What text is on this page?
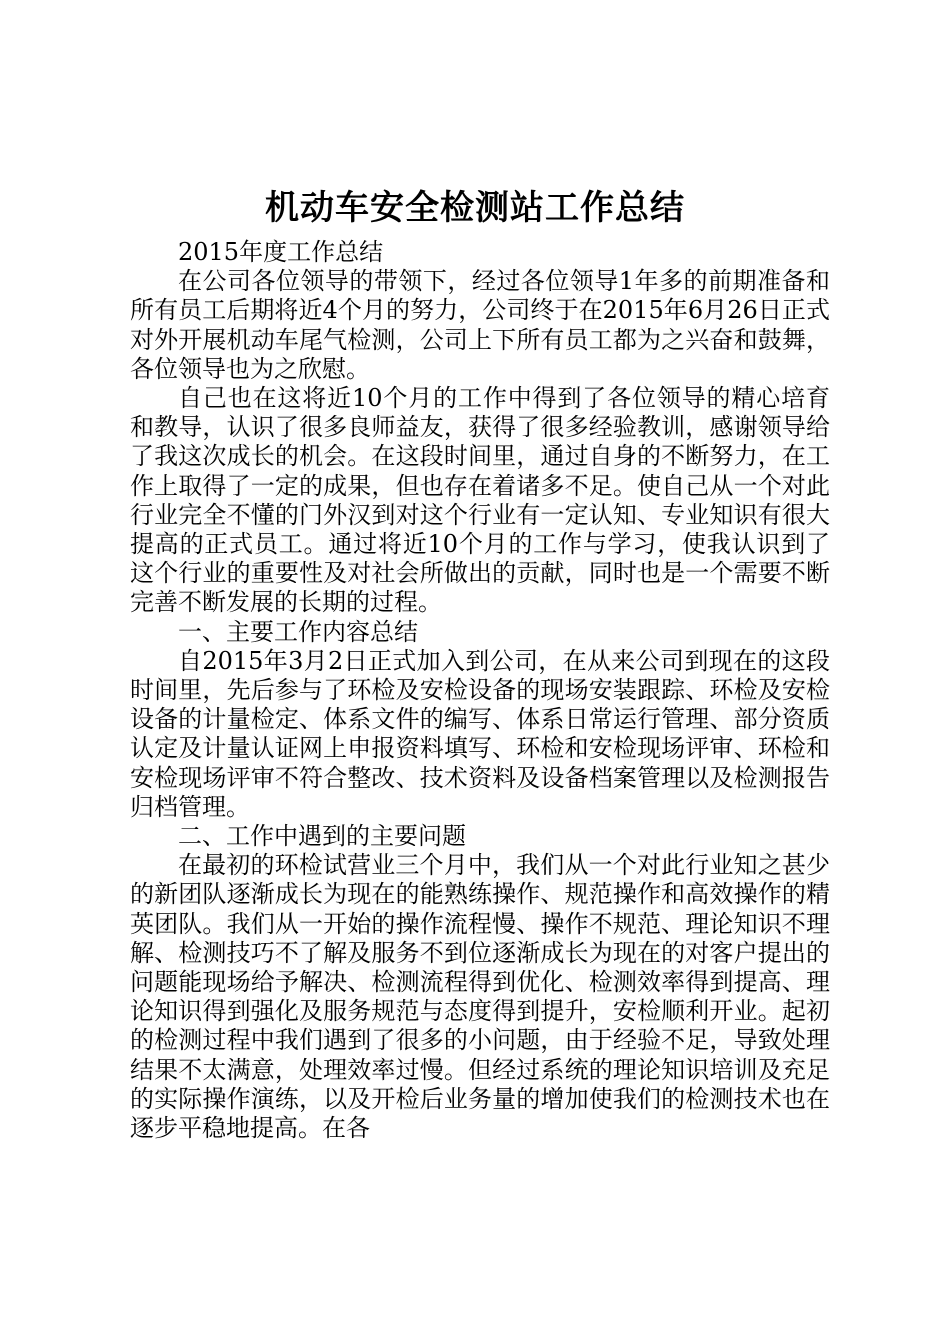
机动车安全检测站工作总结

2015年度工作总结

在公司各位领导的带领下，经过各位领导1年多的前期准备和所有员工后期将近4个月的努力，公司终于在2015年6月26日正式对外开展机动车尾气检测，公司上下所有员工都为之兴奋和鼓舞，各位领导也为之欣慰。

自己也在这将近10个月的工作中得到了各位领导的精心培育和教导，认识了很多良师益友，获得了很多经验教训，感谢领导给了我这次成长的机会。在这段时间里，通过自身的不断努力，在工作上取得了一定的成果，但也存在着诸多不足。使自己从一个对此行业完全不懂的门外汉到对这个行业有一定认知、专业知识有很大提高的正式员工。通过将近10个月的工作与学习，使我认识到了这个行业的重要性及对社会所做出的贡献，同时也是一个需要不断完善不断发展的长期的过程。

一、主要工作内容总结

自2015年3月2日正式加入到公司，在从来公司到现在的这段时间里，先后参与了环检及安检设备的现场安装跟踪、环检及安检设备的计量检定、体系文件的编写、体系日常运行管理、部分资质认定及计量认证网上申报资料填写、环检和安检现场评审、环检和安检现场评审不符合整改、技术资料及设备档案管理以及检测报告归档管理。

二、工作中遇到的主要问题

在最初的环检试营业三个月中，我们从一个对此行业知之甚少的新团队逐渐成长为现在的能熟练操作、规范操作和高效操作的精英团队。我们从一开始的操作流程慢、操作不规范、理论知识不理解、检测技巧不了解及服务不到位逐渐成长为现在的对客户提出的问题能现场给予解决、检测流程得到优化、检测效率得到提高、理论知识得到强化及服务规范与态度得到提升，安检顺利开业。起初的检测过程中我们遇到了很多的小问题，由于经验不足，导致处理结果不太满意，处理效率过慢。但经过系统的理论知识培训及充足的实际操作演练，以及开检后业务量的增加使我们的检测技术也在逐步平稳地提高。在各
